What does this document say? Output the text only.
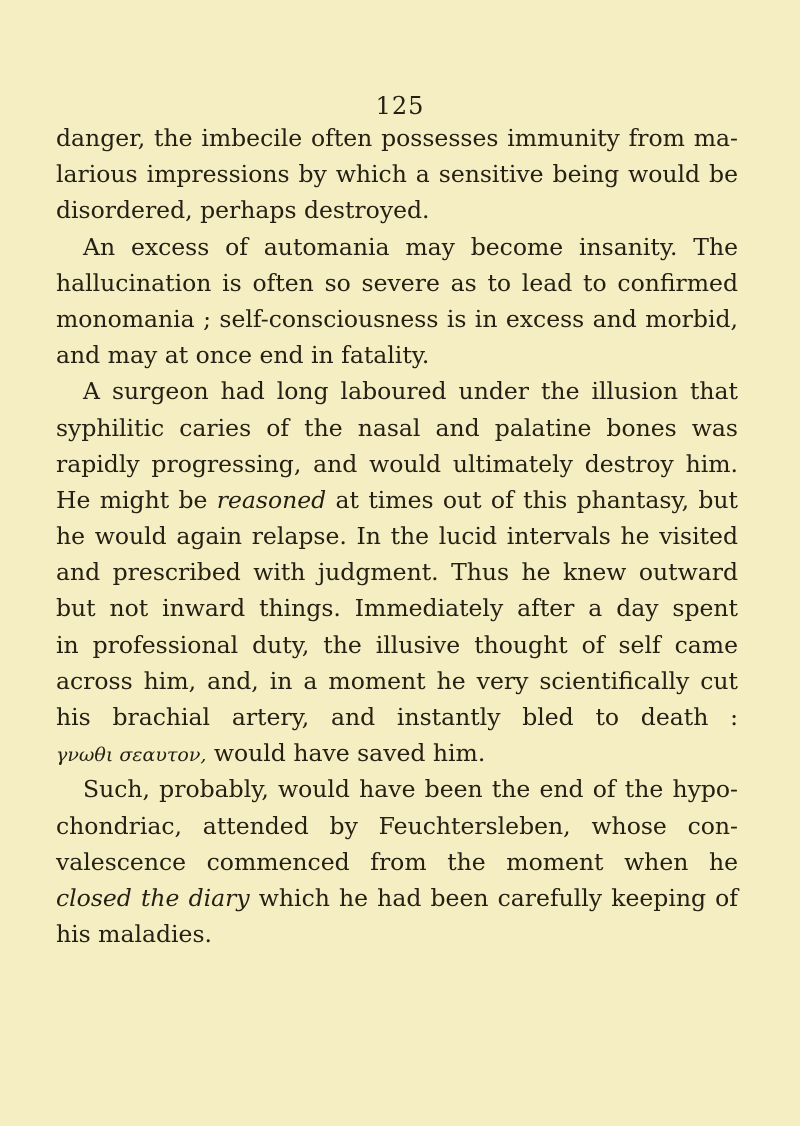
125
danger, the imbecile often possesses immunity from ma-
larious impressions by which a sensitive being would be
disordered, perhaps destroyed.
An excess of automania may become insanity. The
hallucination is often so severe as to lead to confirmed
monomania ; self-consciousness is in excess and morbid,
and may at once end in fatality.
A surgeon had long laboured under the illusion that
syphilitic caries of the nasal and palatine bones was
rapidly progressing, and would ultimately destroy him.
He might be reasoned at times out of this phantasy, but
he would again relapse. In the lucid intervals he visited
and prescribed with judgment. Thus he knew outward
but not inward things. Immediately after a day spent
in professional duty, the illusive thought of self came
across him, and, in a moment he very scientifically cut
his brachial artery, and instantly bled to death :
γνωθι σεαυτον, would have saved him.
Such, probably, would have been the end of the hypo-
chondriac, attended by Feuchtersleben, whose con-
valescence commenced from the moment when he
closed the diary which he had been carefully keeping of
his maladies.
